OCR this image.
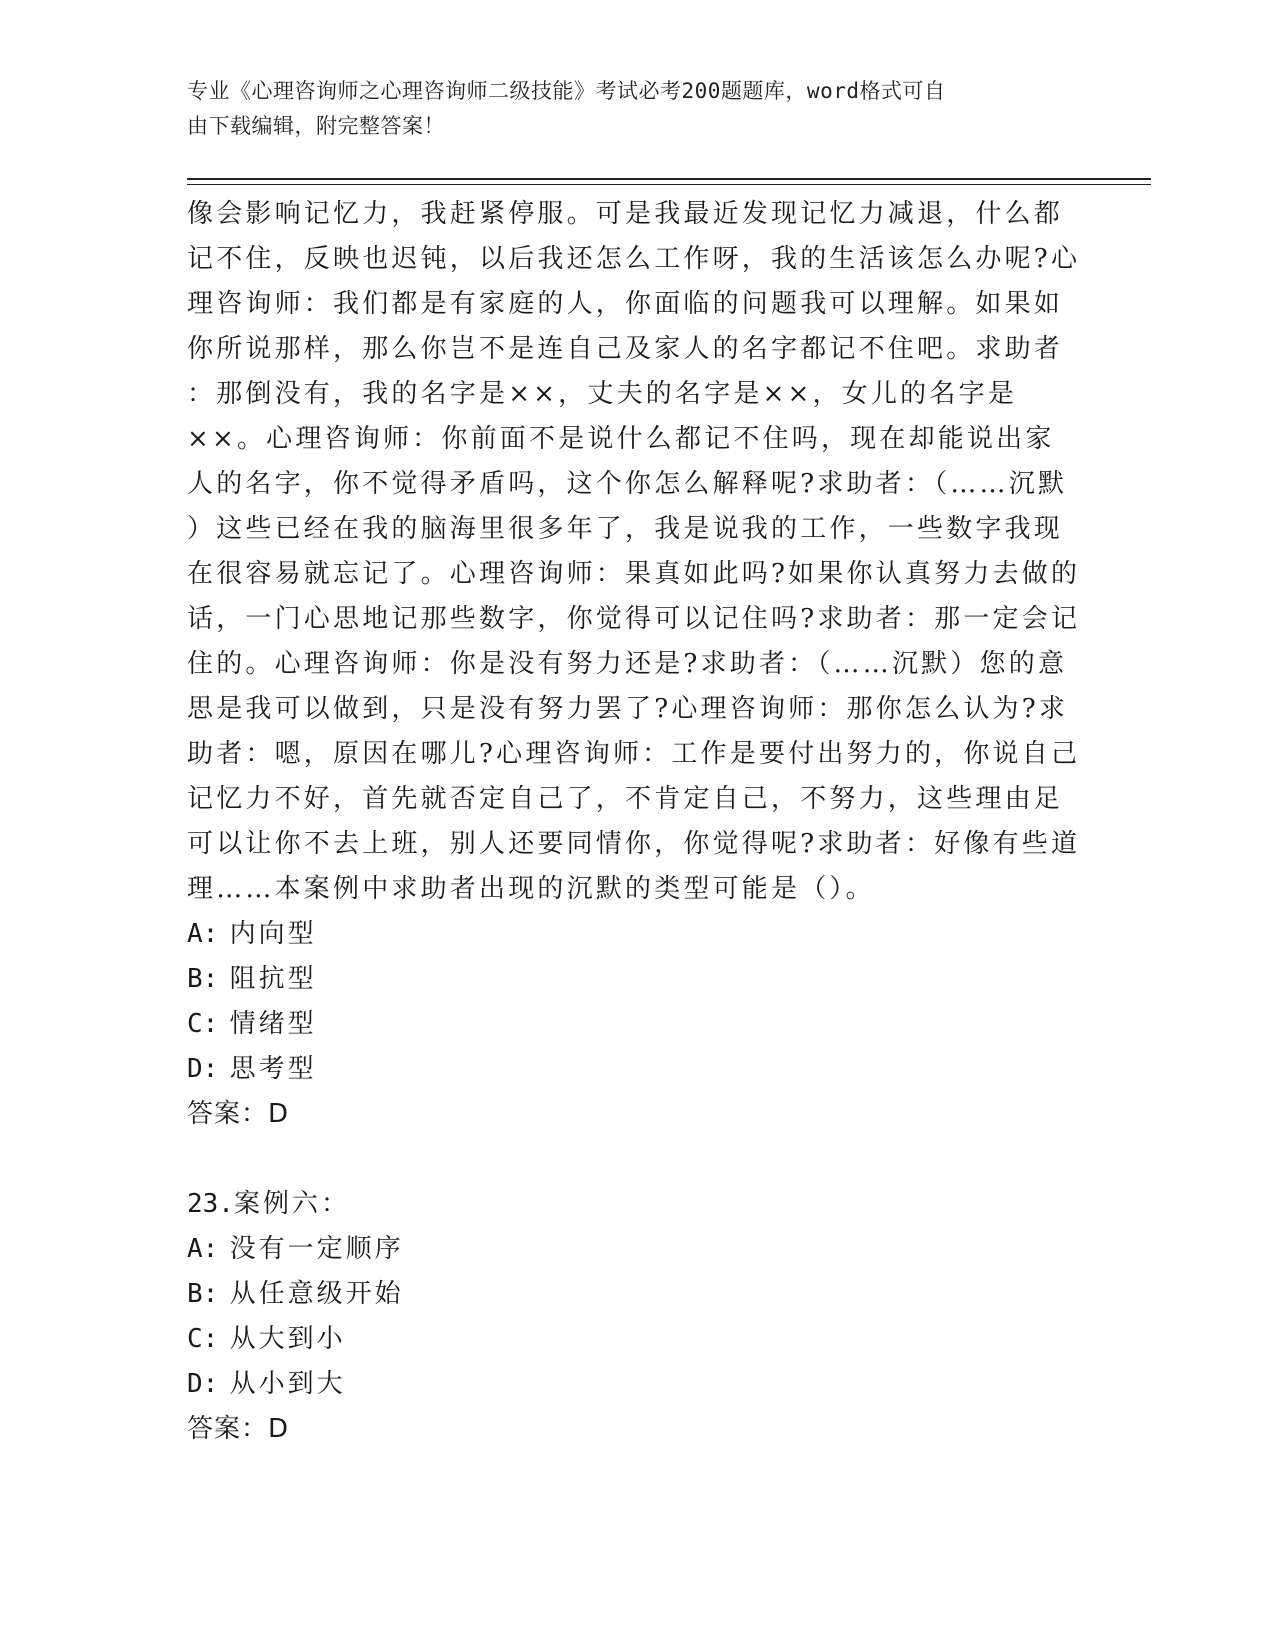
专业《心理咨询师之心理咨询师二级技能》考试必考200题题库，word格式可自
由下载编辑，附完整答案！
像会影响记忆力，我赶紧停服。可是我最近发现记忆力减退，什么都
记不住，反映也迟钝，以后我还怎么工作呀，我的生活该怎么办呢?心
理咨询师：我们都是有家庭的人，你面临的问题我可以理解。如果如
你所说那样，那么你岂不是连自己及家人的名字都记不住吧。求助者
：那倒没有，我的名字是××，丈夫的名字是××，女儿的名字是
××。心理咨询师：你前面不是说什么都记不住吗，现在却能说出家
人的名字，你不觉得矛盾吗，这个你怎么解释呢?求助者：（……沉默
）这些已经在我的脑海里很多年了，我是说我的工作，一些数字我现
在很容易就忘记了。心理咨询师：果真如此吗?如果你认真努力去做的
话，一门心思地记那些数字，你觉得可以记住吗?求助者：那一定会记
住的。心理咨询师：你是没有努力还是?求助者：（……沉默）您的意
思是我可以做到，只是没有努力罢了?心理咨询师：那你怎么认为?求
助者：嗯，原因在哪儿?心理咨询师：工作是要付出努力的，你说自己
记忆力不好，首先就否定自己了，不肯定自己，不努力，这些理由足
可以让你不去上班，别人还要同情你，你觉得呢?求助者：好像有些道
理……本案例中求助者出现的沉默的类型可能是（）。
A: 内向型
B: 阻抗型
C: 情绪型
D: 思考型
答案：D
23.案例六：
A: 没有一定顺序
B: 从任意级开始
C: 从大到小
D: 从小到大
答案：D
